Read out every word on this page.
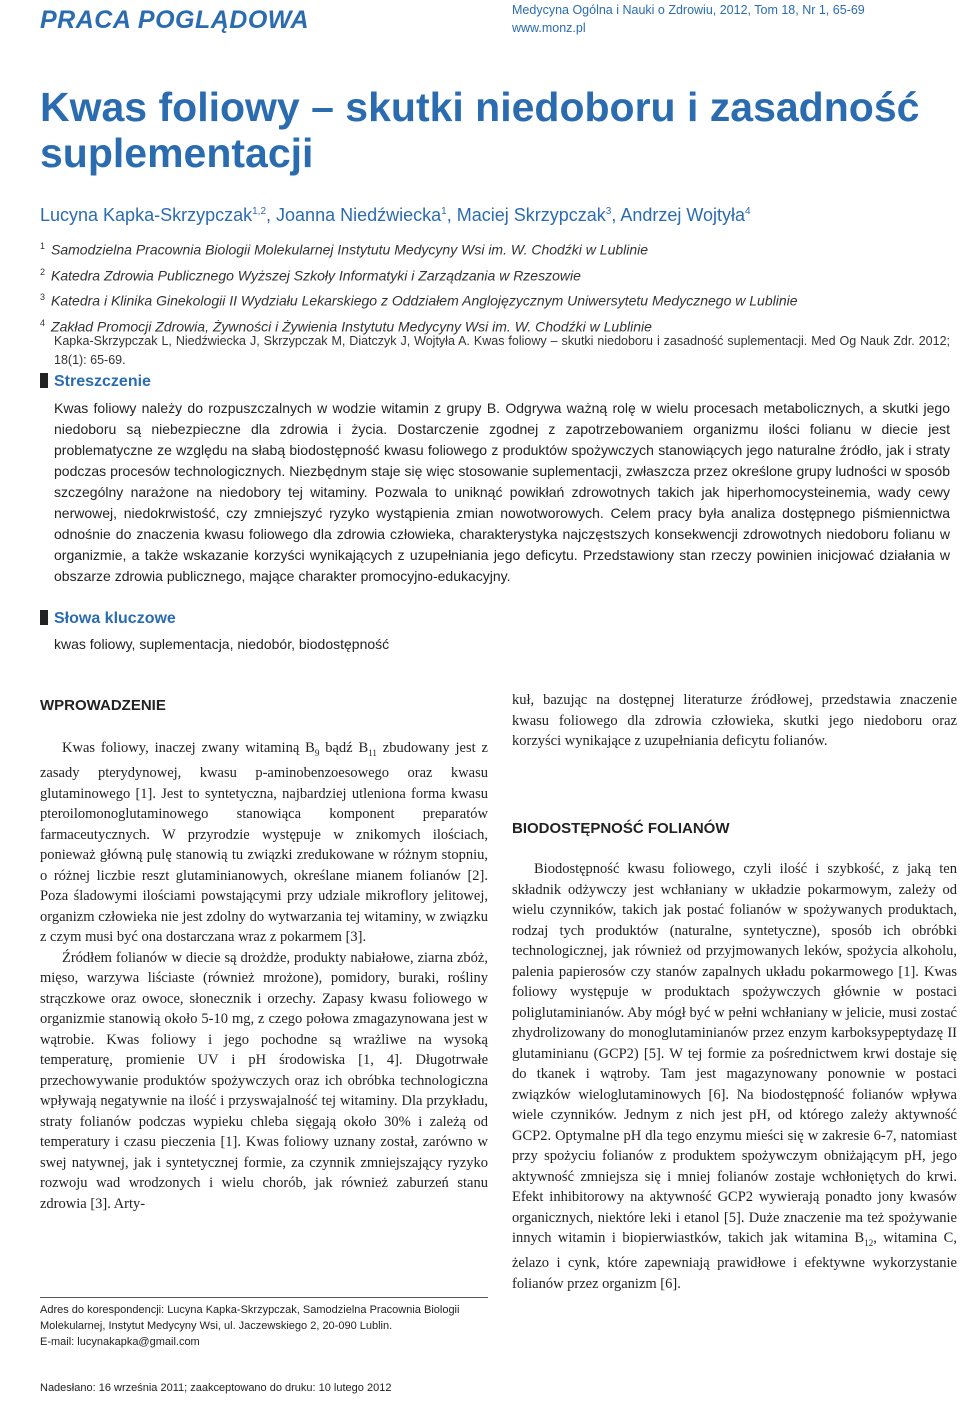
PRACA POGLĄDOWA	Medycyna Ogólna i Nauki o Zdrowiu, 2012, Tom 18, Nr 1, 65-69
www.monz.pl
Kwas foliowy – skutki niedoboru i zasadność suplementacji
Lucyna Kapka-Skrzypczak$^{1,2}$, Joanna Niedźwiecka$^1$, Maciej Skrzypczak$^3$, Andrzej Wojtyła$^4$
$^1$ Samodzielna Pracownia Biologii Molekularnej Instytutu Medycyny Wsi im. W. Chodźki w Lublinie
$^2$ Katedra Zdrowia Publicznego Wyższej Szkoły Informatyki i Zarządzania w Rzeszowie
$^3$ Katedra i Klinika Ginekologii II Wydziału Lekarskiego z Oddziałem Anglojęzycznym Uniwersytetu Medycznego w Lublinie
$^4$ Zakład Promocji Zdrowia, Żywności i Żywienia Instytutu Medycyny Wsi im. W. Chodźki w Lublinie
Kapka-Skrzypczak L, Niedźwiecka J, Skrzypczak M, Diatczyk J, Wojtyła A. Kwas foliowy – skutki niedoboru i zasadność suplementacji. Med Og Nauk Zdr. 2012; 18(1): 65-69.
Streszczenie
Kwas foliowy należy do rozpuszczalnych w wodzie witamin z grupy B. Odgrywa ważną rolę w wielu procesach metabolicznych, a skutki jego niedoboru są niebezpieczne dla zdrowia i życia. Dostarczenie zgodnej z zapotrzebowaniem organizmu ilości folianu w diecie jest problematyczne ze względu na słabą biodostępność kwasu foliowego z produktów spożywczych stanowiących jego naturalne źródło, jak i straty podczas procesów technologicznych. Niezbędnym staje się więc stosowanie suplementacji, zwłaszcza przez określone grupy ludności w sposób szczególny narażone na niedobory tej witaminy. Pozwala to uniknąć powikłań zdrowotnych takich jak hiperhomocysteinemia, wady cewy nerwowej, niedokrwistość, czy zmniejszyć ryzyko wystąpienia zmian nowotworowych. Celem pracy była analiza dostępnego piśmiennictwa odnośnie do znaczenia kwasu foliowego dla zdrowia człowieka, charakterystyka najczęstszych konsekwencji zdrowotnych niedoboru folianu w organizmie, a także wskazanie korzyści wynikających z uzupełniania jego deficytu. Przedstawiony stan rzeczy powinien inicjować działania w obszarze zdrowia publicznego, mające charakter promocyjno-edukacyjny.
Słowa kluczowe
kwas foliowy, suplementacja, niedobór, biodostępność
WPROWADZENIE

Kwas foliowy, inaczej zwany witaminą $B_9$ bądź $B_{11}$ zbudowany jest z zasady pterydynowej, kwasu p-aminobenzoesowego oraz kwasu glutaminowego [1]. Jest to syntetyczna, najbardziej utleniona forma kwasu pteroilomonoglutaminowego stanowiąca komponent preparatów farmaceutycznych. W przyrodzie występuje w znikomych ilościach, ponieważ główną pulę stanowią tu związki zredukowane w różnym stopniu, o różnej liczbie reszt glutaminianowych, określane mianem folianów [2]. Poza śladowymi ilościami powstającymi przy udziale mikroflory jelitowej, organizm człowieka nie jest zdolny do wytwarzania tej witaminy, w związku z czym musi być ona dostarczana wraz z pokarmem [3].

Źródłem folianów w diecie są drożdże, produkty nabiałowe, ziarna zbóż, mięso, warzywa liściaste (również mrożone), pomidory, buraki, rośliny strączkowe oraz owoce, słonecznik i orzechy. Zapasy kwasu foliowego w organizmie stanowią około 5-10 mg, z czego połowa zmagazynowana jest w wątrobie. Kwas foliowy i jego pochodne są wrażliwe na wysoką temperaturę, promienie UV i pH środowiska [1, 4]. Długotrwałe przechowywanie produktów spożywczych oraz ich obróbka technologiczna wpływają negatywnie na ilość i przyswajalność tej witaminy. Dla przykładu, straty folianów podczas wypieku chleba sięgają około 30% i zależą od temperatury i czasu pieczenia [1]. Kwas foliowy uznany został, zarówno w swej natywnej, jak i syntetycznej formie, za czynnik zmniejszający ryzyko rozwoju wad wrodzonych i wielu chorób, jak również zaburzeń stanu zdrowia [3]. Arty-

kuł, bazując na dostępnej literaturze źródłowej, przedstawia znaczenie kwasu foliowego dla zdrowia człowieka, skutki jego niedoboru oraz korzyści wynikające z uzupełniania deficytu folianów.

BIODOSTĘPNOŚĆ FOLIANÓW

Biodostępność kwasu foliowego, czyli ilość i szybkość, z jaką ten składnik odżywczy jest wchłaniany w układzie pokarmowym, zależy od wielu czynników, takich jak postać folianów w spożywanych produktach, rodzaj tych produktów (naturalne, syntetyczne), sposób ich obróbki technologicznej, jak również od przyjmowanych leków, spożycia alkoholu, palenia papierosów czy stanów zapalnych układu pokarmowego [1]. Kwas foliowy występuje w produktach spożywczych głównie w postaci poliglutaminianów. Aby mógł być w pełni wchłaniany w jelicie, musi zostać zhydrolizowany do monoglutaminianów przez enzym karboksypeptydazę II glutaminianu (GCP2) [5]. W tej formie za pośrednictwem krwi dostaje się do tkanek i wątroby. Tam jest magazynowany ponownie w postaci związków wieloglutaminowych [6]. Na biodostępność folianów wpływa wiele czynników. Jednym z nich jest pH, od którego zależy aktywność GCP2. Optymalne pH dla tego enzymu mieści się w zakresie 6-7, natomiast przy spożyciu folianów z produktem spożywczym obniżającym pH, jego aktywność zmniejsza się i mniej folianów zostaje wchłoniętych do krwi. Efekt inhibitorowy na aktywność GCP2 wywierają ponadto jony kwasów organicznych, niektóre leki i etanol [5]. Duże znaczenie ma też spożywanie innych witamin i biopierwiastków, takich jak witamina $B_{12}$, witamina C, żelazo i cynk, które zapewniają prawidłowe i efektywne wykorzystanie folianów przez organizm [6].

Adres do korespondencji: Lucyna Kapka-Skrzypczak, Samodzielna Pracownia Biologii Molekularnej, Instytut Medycyny Wsi, ul. Jaczewskiego 2, 20-090 Lublin.
E-mail: lucynakapka@gmail.com
Nadesłano: 16 września 2011; zaakceptowano do druku: 10 lutego 2012
